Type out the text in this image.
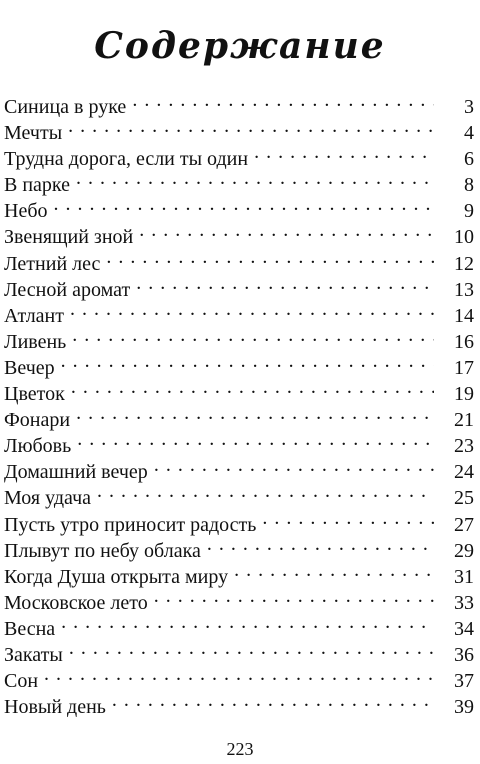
Содержание
Синица в руке . . .	3
Мечты . . .	4
Трудна дорога, если ты один . . .	6
В парке . . .	8
Небо . . .	9
Звенящий зной . . .	10
Летний лес . . .	12
Лесной аромат . . .	13
Атлант . . .	14
Ливень . . .	16
Вечер . . .	17
Цветок . . .	19
Фонари . . .	21
Любовь . . .	23
Домашний вечер . . .	24
Моя удача . . .	25
Пусть утро приносит радость . . .	27
Плывут по небу облака . . .	29
Когда Душа открыта миру . . .	31
Московское лето . . .	33
Весна . . .	34
Закаты . . .	36
Сон . . .	37
Новый день . . .	39
223
